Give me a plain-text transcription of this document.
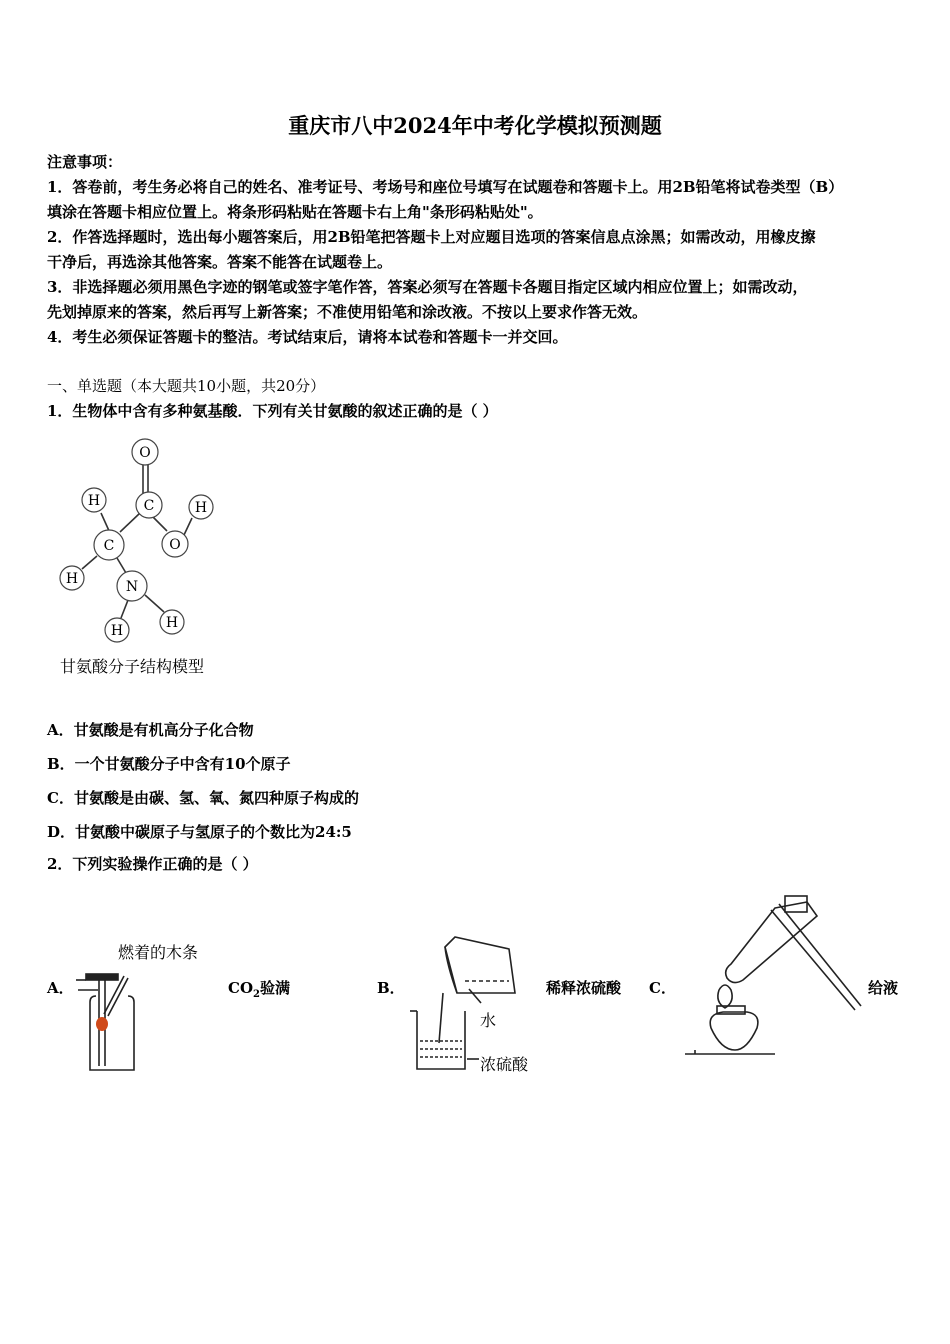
重庆市八中2024年中考化学模拟预测题
注意事项：
1．答卷前，考生务必将自己的姓名、准考证号、考场号和座位号填写在试题卷和答题卡上。用2B铅笔将试卷类型（B）
填涂在答题卡相应位置上。将条形码粘贴在答题卡右上角"条形码粘贴处"。
2．作答选择题时，选出每小题答案后，用2B铅笔把答题卡上对应题目选项的答案信息点涂黑；如需改动，用橡皮擦
干净后，再选涂其他答案。答案不能答在试题卷上。
3．非选择题必须用黑色字迹的钢笔或签字笔作答，答案必须写在答题卡各题目指定区域内相应位置上；如需改动，
先划掉原来的答案，然后再写上新答案；不准使用铅笔和涂改液。不按以上要求作答无效。
4．考生必须保证答题卡的整洁。考试结束后，请将本试卷和答题卡一并交回。
一、单选题（本大题共10小题，共20分）
1．生物体中含有多种氨基酸．下列有关甘氨酸的叙述正确的是（ ）
O
C	H
H
O
C
H	N
H	H
甘氨酸分子结构模型
A．甘氨酸是有机高分子化合物
B．一个甘氨酸分子中含有10个原子
C．甘氨酸是由碳、氢、氧、氮四种原子构成的
D．甘氨酸中碳原子与氢原子的个数比为24:5
2．下列实验操作正确的是（ ）
燃着的木条
A．	$CO_2$验满	B．
水
浓硫酸
稀释浓硫酸 C．	给液
